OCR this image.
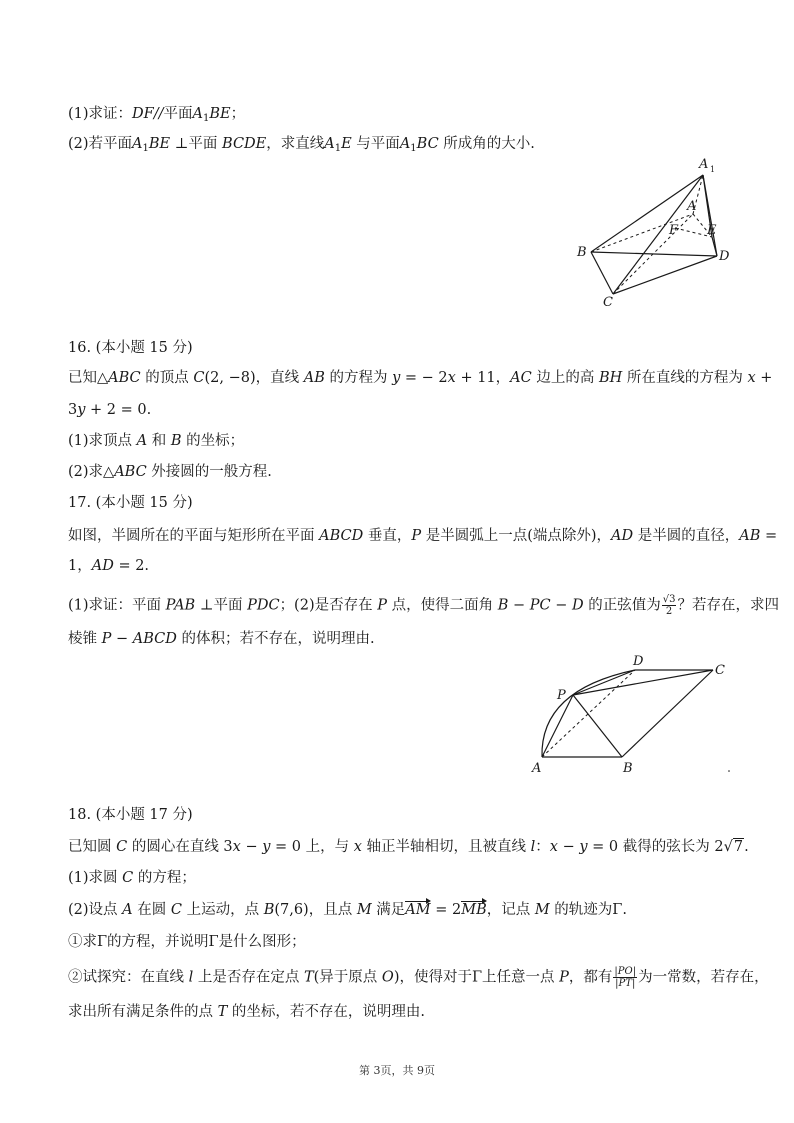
(1)求证：DF//平面$A_1BE$；
(2)若平面$A_1BE$ ⊥平面 BCDE，求直线$A_1E$ 与平面$A_1BC$ 所成角的大小.
A 1
A
F E
B	D
C
16. (本小题 15 分)
已知△ABC 的顶点 C(2, −8)，直线 AB 的方程为 y = − 2x + 11，AC 边上的高 BH 所在直线的方程为 x +
3y + 2 = 0.
(1)求顶点 A 和 B 的坐标；
(2)求△ABC 外接圆的一般方程.
17. (本小题 15 分)
如图，半圆所在的平面与矩形所在平面 ABCD 垂直，P 是半圆弧上一点(端点除外)，AD 是半圆的直径，AB =
1，AD = 2.
(1)求证：平面 PAB ⊥平面 PDC；(2)是否存在 P 点，使得二面角 B − PC − D 的正弦值为 $\frac{√3}{2}$ ？若存在，求四
棱锥 P − ABCD 的体积；若不存在，说明理由.
D
C
P
A	B
18. (本小题 17 分)
已知圆 C 的圆心在直线 3x − y = 0 上，与 x 轴正半轴相切，且被直线 l：x − y = 0 截得的弦长为 2√7.
(1)求圆 C 的方程；
(2)设点 A 在圆 C 上运动，点 B(7,6)，且点 M 满足AM = 2MB，记点 M 的轨迹为Γ.
①求Γ的方程，并说明Γ是什么图形；
②试探究：在直线 l 上是否存在定点 T(异于原点 O)，使得对于Γ上任意一点 P，都有 $\frac{|PO|}{|PT|}$ 为一常数，若存在，
求出所有满足条件的点 T 的坐标，若不存在，说明理由.
第 3页，共 9页
